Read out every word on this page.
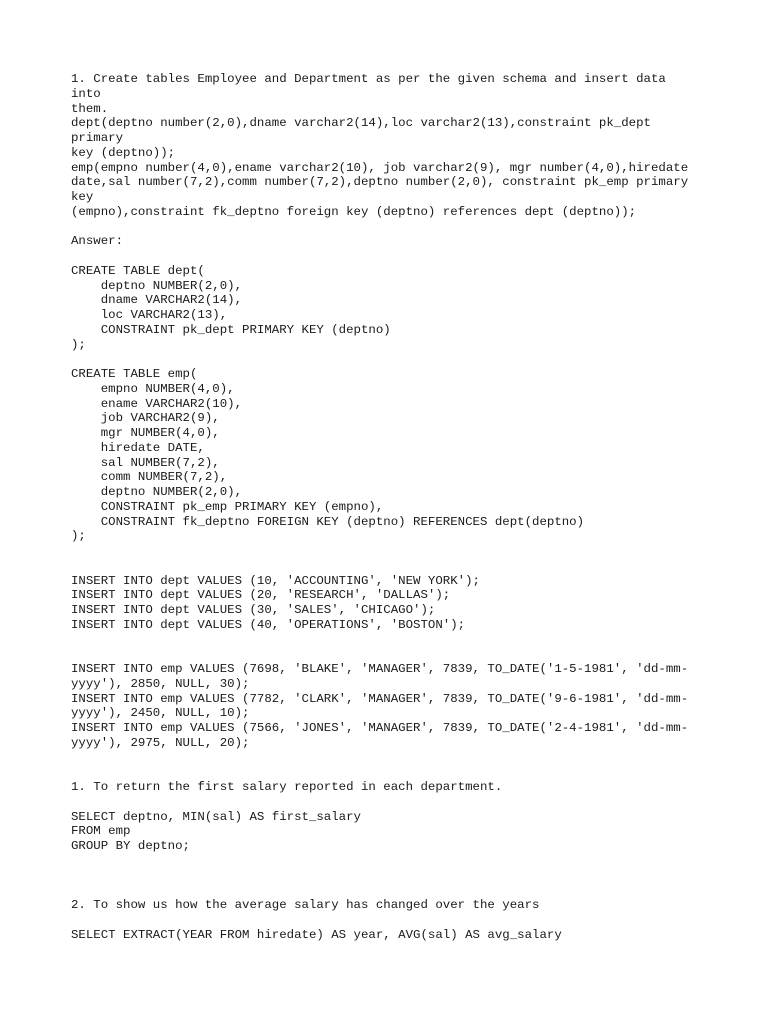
1. Create tables Employee and Department as per the given schema and insert data
into
them.
dept(deptno number(2,0),dname varchar2(14),loc varchar2(13),constraint pk_dept
primary
key (deptno));
emp(empno number(4,0),ename varchar2(10), job varchar2(9), mgr number(4,0),hiredate
date,sal number(7,2),comm number(7,2),deptno number(2,0), constraint pk_emp primary
key
(empno),constraint fk_deptno foreign key (deptno) references dept (deptno));
Answer:
CREATE TABLE dept(
deptno NUMBER(2,0),
dname VARCHAR2(14),
loc VARCHAR2(13),
CONSTRAINT pk_dept PRIMARY KEY (deptno)
);
CREATE TABLE emp(
empno NUMBER(4,0),
ename VARCHAR2(10),
job VARCHAR2(9),
mgr NUMBER(4,0),
hiredate DATE,
sal NUMBER(7,2),
comm NUMBER(7,2),
deptno NUMBER(2,0),
CONSTRAINT pk_emp PRIMARY KEY (empno),
CONSTRAINT fk_deptno FOREIGN KEY (deptno) REFERENCES dept(deptno)
);
INSERT INTO dept VALUES (10, 'ACCOUNTING', 'NEW YORK');
INSERT INTO dept VALUES (20, 'RESEARCH', 'DALLAS');
INSERT INTO dept VALUES (30, 'SALES', 'CHICAGO');
INSERT INTO dept VALUES (40, 'OPERATIONS', 'BOSTON');
INSERT INTO emp VALUES (7698, 'BLAKE', 'MANAGER', 7839, TO_DATE('1-5-1981', 'dd-mm-
yyyy'), 2850, NULL, 30);
INSERT INTO emp VALUES (7782, 'CLARK', 'MANAGER', 7839, TO_DATE('9-6-1981', 'dd-mm-
yyyy'), 2450, NULL, 10);
INSERT INTO emp VALUES (7566, 'JONES', 'MANAGER', 7839, TO_DATE('2-4-1981', 'dd-mm-
yyyy'), 2975, NULL, 20);
1. To return the first salary reported in each department.
SELECT deptno, MIN(sal) AS first_salary
FROM emp
GROUP BY deptno;
2. To show us how the average salary has changed over the years
SELECT EXTRACT(YEAR FROM hiredate) AS year, AVG(sal) AS avg_salary
